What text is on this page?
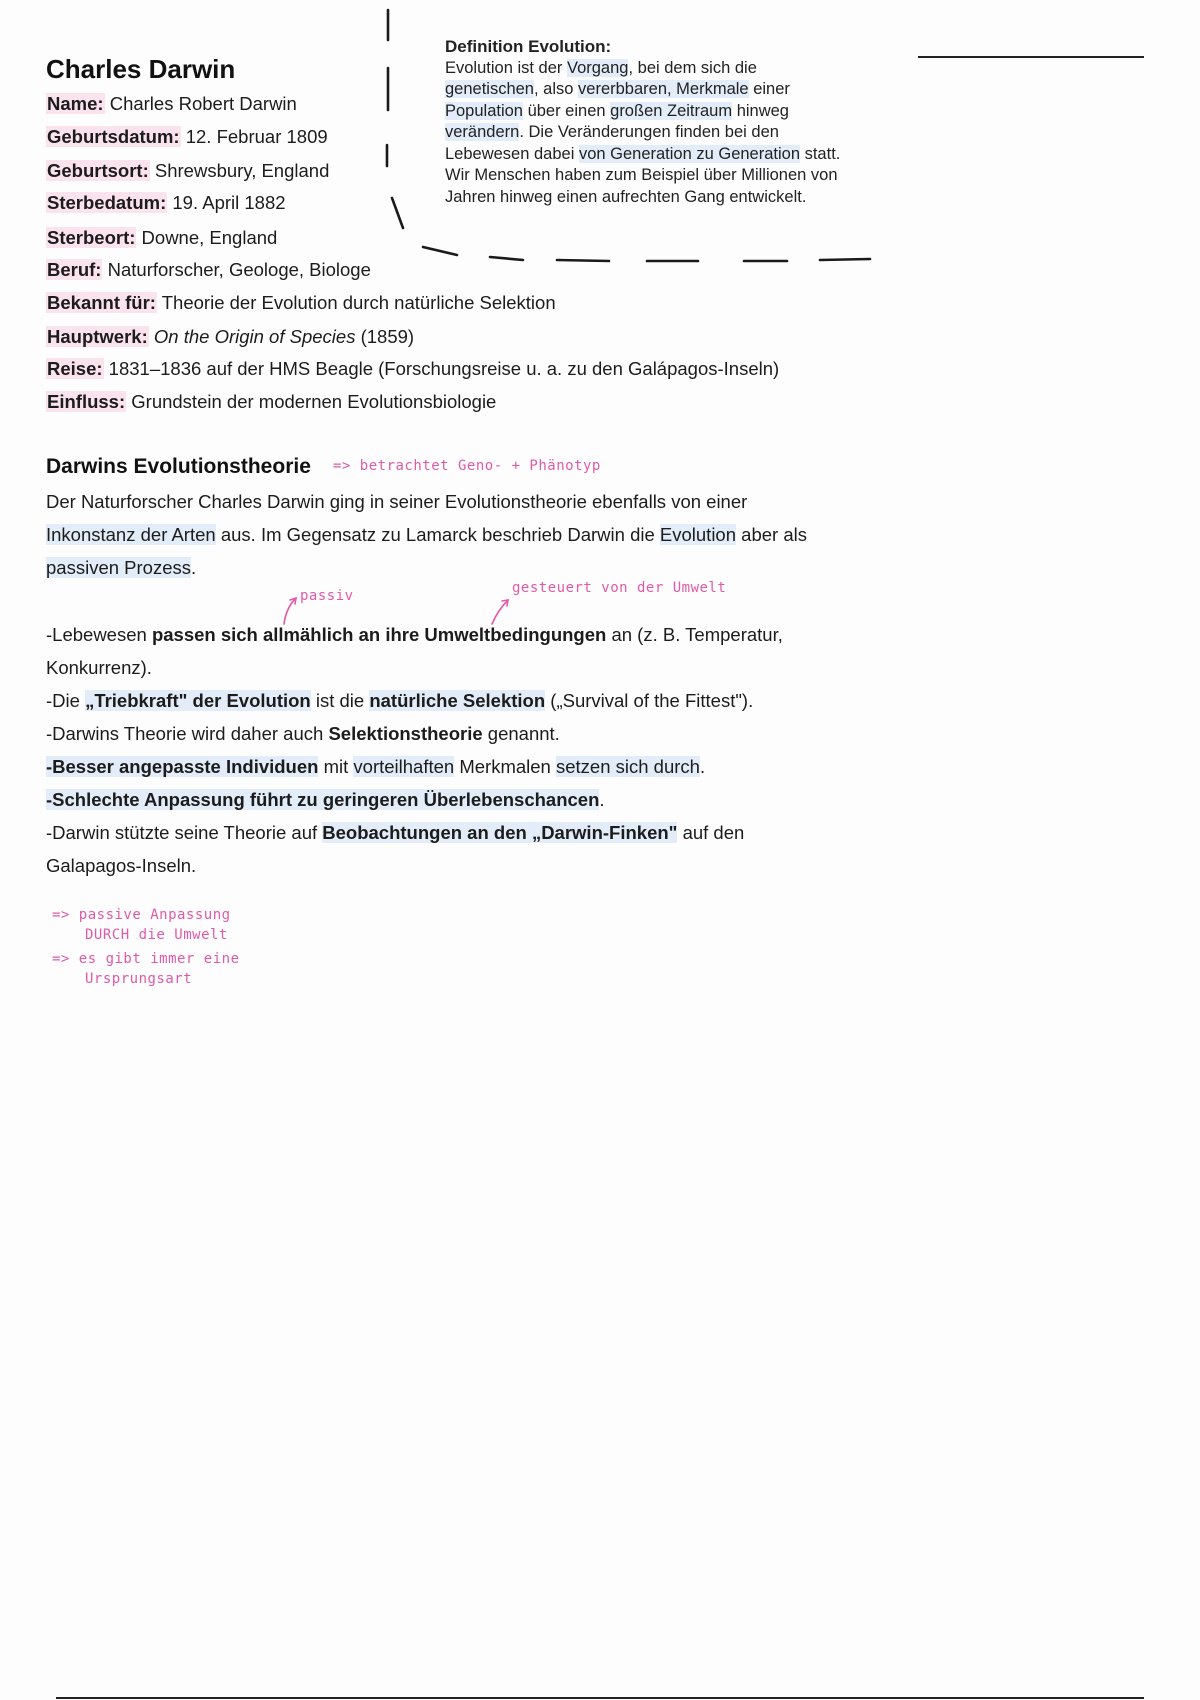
Charles Darwin
Name: Charles Robert Darwin
Geburtsdatum: 12. Februar 1809
Geburtsort: Shrewsbury, England
Sterbedatum: 19. April 1882
Sterbeort: Downe, England
Beruf: Naturforscher, Geologe, Biologe
Bekannt für: Theorie der Evolution durch natürliche Selektion
Hauptwerk: On the Origin of Species (1859)
Reise: 1831–1836 auf der HMS Beagle (Forschungsreise u. a. zu den Galápagos-Inseln)
Einfluss: Grundstein der modernen Evolutionsbiologie
Definition Evolution:
Evolution ist der Vorgang, bei dem sich die
genetischen, also vererbbaren, Merkmale einer
Population über einen großen Zeitraum hinweg
verändern. Die Veränderungen finden bei den
Lebewesen dabei von Generation zu Generation statt.
Wir Menschen haben zum Beispiel über Millionen von
Jahren hinweg einen aufrechten Gang entwickelt.
Darwins Evolutionstheorie => betrachtet Geno- + Phänotyp
Der Naturforscher Charles Darwin ging in seiner Evolutionstheorie ebenfalls von einer
Inkonstanz der Arten aus. Im Gegensatz zu Lamarck beschrieb Darwin die Evolution aber als
passiven Prozess.
passiv	gesteuert von der Umwelt
-Lebewesen passen sich allmählich an ihre Umweltbedingungen an (z. B. Temperatur,
Konkurrenz).
-Die „Triebkraft" der Evolution ist die natürliche Selektion („Survival of the Fittest").
-Darwins Theorie wird daher auch Selektionstheorie genannt.
-Besser angepasste Individuen mit vorteilhaften Merkmalen setzen sich durch.
-Schlechte Anpassung führt zu geringeren Überlebenschancen.
-Darwin stützte seine Theorie auf Beobachtungen an den „Darwin-Finken" auf den
Galapagos-Inseln.
=> passive Anpassung
DURCH die Umwelt
=> es gibt immer eine
Ursprungsart
